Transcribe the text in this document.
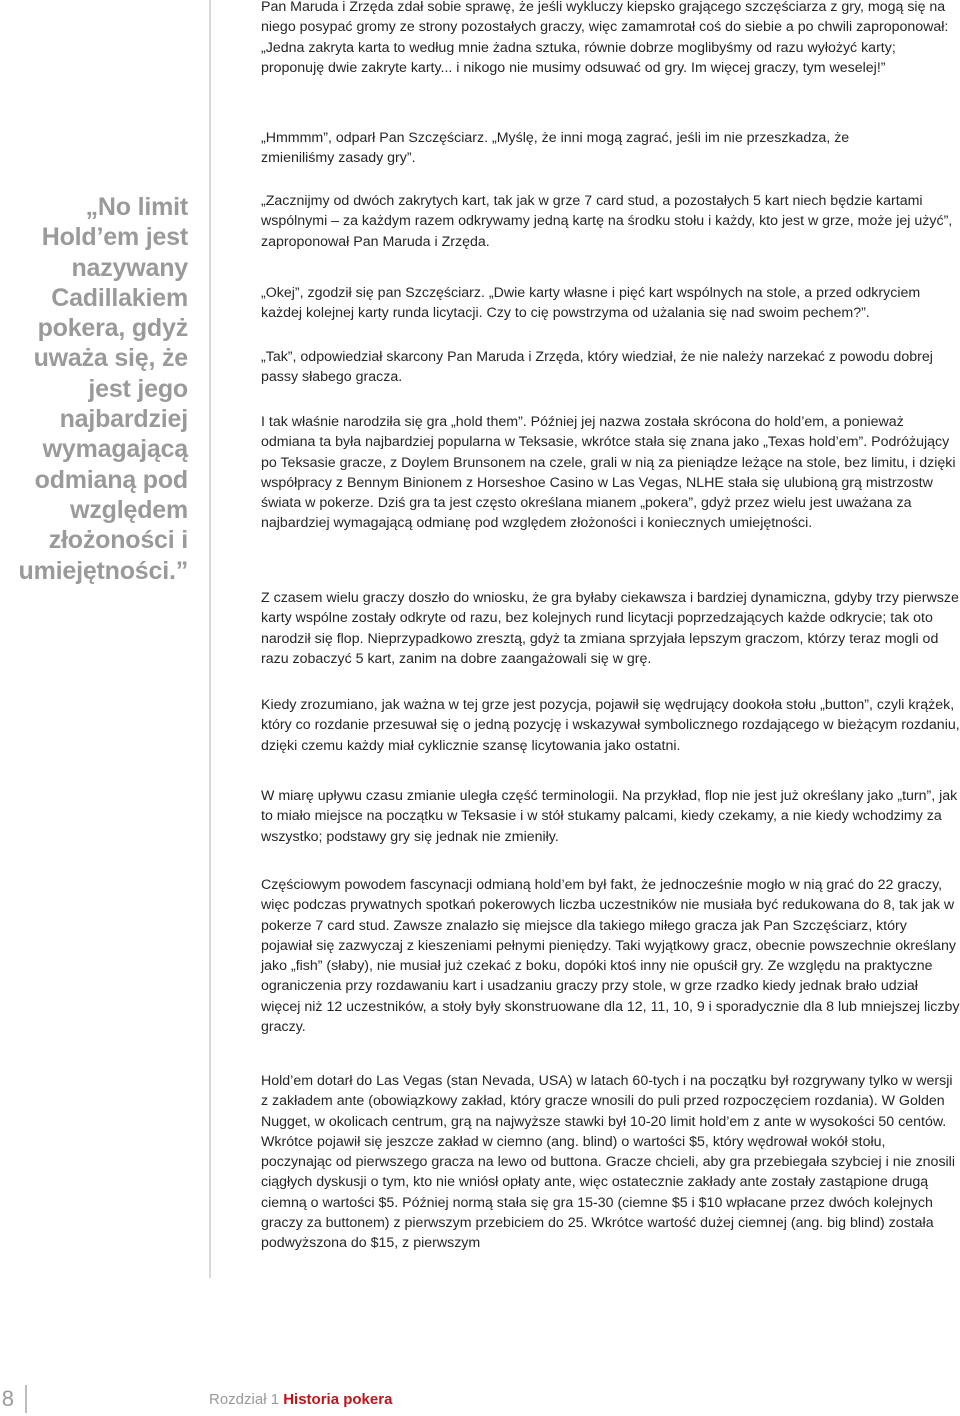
„No limit Hold’em jest nazywany Cadillakiem pokera, gdyż uważa się, że jest jego najbardziej wymagającą odmianą pod względem złożoności i umiejętności.”

Pan Maruda i Zrzęda zdał sobie sprawę, że jeśli wykluczy kiepsko grającego szczęściarza z gry, mogą się na niego posypać gromy ze strony pozostałych graczy, więc zamamrotał coś do siebie a po chwili zaproponował: „Jedna zakryta karta to według mnie żadna sztuka, równie dobrze moglibyśmy od razu wyłożyć karty; proponuję dwie zakryte karty... i nikogo nie musimy odsuwać od gry. Im więcej graczy, tym weselej!”

„Hmmmm”, odparł Pan Szczęściarz. „Myślę, że inni mogą zagrać, jeśli im nie przeszkadza, że zmieniliśmy zasady gry”.

„Zacznijmy od dwóch zakrytych kart, tak jak w grze 7 card stud, a pozostałych 5 kart niech będzie kartami wspólnymi – za każdym razem odkrywamy jedną kartę na środku stołu i każdy, kto jest w grze, może jej użyć”, zaproponował Pan Maruda i Zrzęda.

„Okej”, zgodził się pan Szczęściarz. „Dwie karty własne i pięć kart wspólnych na stole, a przed odkryciem każdej kolejnej karty runda licytacji. Czy to cię powstrzyma od użalania się nad swoim pechem?”.

„Tak”, odpowiedział skarcony Pan Maruda i Zrzęda, który wiedział, że nie należy narzekać z powodu dobrej passy słabego gracza.

I tak właśnie narodziła się gra „hold them”. Później jej nazwa została skrócona do hold’em, a ponieważ odmiana ta była najbardziej popularna w Teksasie, wkrótce stała się znana jako „Texas hold’em”. Podróżujący po Teksasie gracze, z Doylem Brunsonem na czele, grali w nią za pieniądze leżące na stole, bez limitu, i dzięki współpracy z Bennym Binionem z Horseshoe Casino w Las Vegas, NLHE stała się ulubioną grą mistrzostw świata w pokerze. Dziś gra ta jest często określana mianem „pokera”, gdyż przez wielu jest uważana za najbardziej wymagającą odmianę pod względem złożoności i koniecznych umiejętności.

Z czasem wielu graczy doszło do wniosku, że gra byłaby ciekawsza i bardziej dynamiczna, gdyby trzy pierwsze karty wspólne zostały odkryte od razu, bez kolejnych rund licytacji poprzedzających każde odkrycie; tak oto narodził się flop. Nieprzypadkowo zresztą, gdyż ta zmiana sprzyjała lepszym graczom, którzy teraz mogli od razu zobaczyć 5 kart, zanim na dobre zaangażowali się w grę.

Kiedy zrozumiano, jak ważna w tej grze jest pozycja, pojawił się wędrujący dookoła stołu „button”, czyli krążek, który co rozdanie przesuwał się o jedną pozycję i wskazywał symbolicznego rozdającego w bieżącym rozdaniu, dzięki czemu każdy miał cyklicznie szansę licytowania jako ostatni.

W miarę upływu czasu zmianie uległa część terminologii. Na przykład, flop nie jest już określany jako „turn”, jak to miało miejsce na początku w Teksasie i w stół stukamy palcami, kiedy czekamy, a nie kiedy wchodzimy za wszystko; podstawy gry się jednak nie zmieniły.

Częściowym powodem fascynacji odmianą hold’em był fakt, że jednocześnie mogło w nią grać do 22 graczy, więc podczas prywatnych spotkań pokerowych liczba uczestników nie musiała być redukowana do 8, tak jak w pokerze 7 card stud. Zawsze znalazło się miejsce dla takiego miłego gracza jak Pan Szczęściarz, który pojawiał się zazwyczaj z kieszeniami pełnymi pieniędzy. Taki wyjątkowy gracz, obecnie powszechnie określany jako „fish” (słaby), nie musiał już czekać z boku, dopóki ktoś inny nie opuścił gry. Ze względu na praktyczne ograniczenia przy rozdawaniu kart i usadzaniu graczy przy stole, w grze rzadko kiedy jednak brało udział więcej niż 12 uczestników, a stoły były skonstruowane dla 12, 11, 10, 9 i sporadycznie dla 8 lub mniejszej liczby graczy.

Hold’em dotarł do Las Vegas (stan Nevada, USA) w latach 60-tych i na początku był rozgrywany tylko w wersji z zakładem ante (obowiązkowy zakład, który gracze wnosili do puli przed rozpoczęciem rozdania). W Golden Nugget, w okolicach centrum, grą na najwyższe stawki był 10-20 limit hold’em z ante w wysokości 50 centów. Wkrótce pojawił się jeszcze zakład w ciemno (ang. blind) o wartości $5, który wędrował wokół stołu, poczynając od pierwszego gracza na lewo od buttona. Gracze chcieli, aby gra przebiegała szybciej i nie znosili ciągłych dyskusji o tym, kto nie wniósł opłaty ante, więc ostatecznie zakłady ante zostały zastąpione drugą ciemną o wartości $5. Później normą stała się gra 15-30 (ciemne $5 i $10 wpłacane przez dwóch kolejnych graczy za buttonem) z pierwszym przebiciem do 25. Wkrótce wartość dużej ciemnej (ang. big blind) została podwyższona do $15, z pierwszym

8	Rozdział 1 Historia pokera
